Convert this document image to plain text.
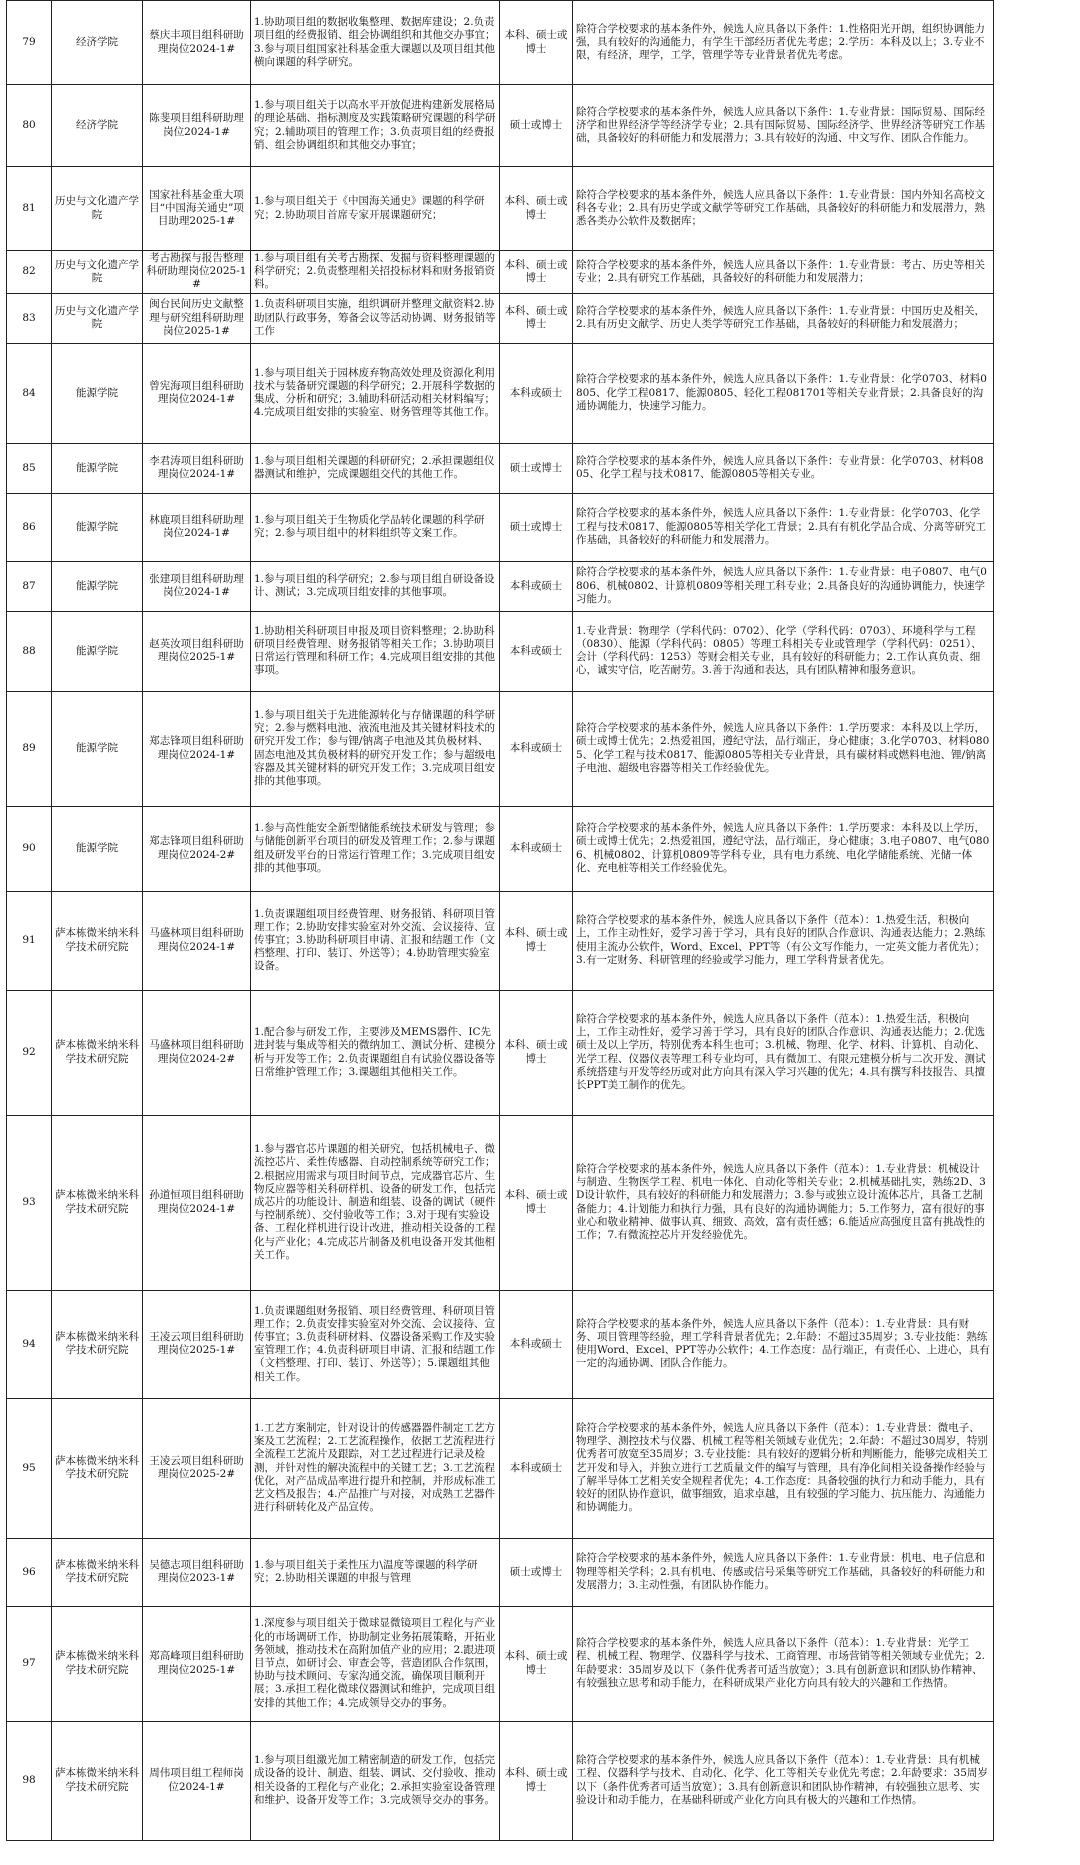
79	经济学院	蔡庆丰项目组科研助理岗位2024-1#	1.协助项目组的数据收集整理、数据库建设；2.负责项目组的经费报销、组会协调组织和其他交办事宜；3.参与项目组国家社科基金重大课题以及项目组其他横向课题的科学研究。	本科、硕士或博士	除符合学校要求的基本条件外，候选人应具备以下条件：1.性格阳光开朗，组织协调能力强，具有较好的沟通能力，有学生干部经历者优先考虑；2.学历：本科及以上；3.专业不限，有经济，理学，工学，管理学等专业背景者优先考虑。	
80	经济学院	陈斐项目组科研助理岗位2024-1#	1.参与项目组关于以高水平开放促进构建新发展格局的理论基础、指标测度及实践策略研究课题的科学研究；2.辅助项目的管理工作；3.负责项目组的经费报销、组会协调组织和其他交办事宜；	硕士或博士	除符合学校要求的基本条件外，候选人应具备以下条件：1.专业背景：国际贸易、国际经济学和世界经济学等经济学专业；2.具有国际贸易、国际经济学、世界经济等研究工作基础，具备较好的科研能力和发展潜力；3.具有较好的沟通、中文写作、团队合作能力。	
81	历史与文化遗产学院	国家社科基金重大项目“中国海关通史”项目助理2025-1#	1.参与项目组关于《中国海关通史》课题的科学研究；2.协助项目首席专家开展课题研究；	本科、硕士或博士	除符合学校要求的基本条件外，候选人应具备以下条件：1.专业背景：国内外知名高校文科各专业；2.具有历史学或文献学等研究工作基础，具备较好的科研能力和发展潜力，熟悉各类办公软件及数据库；	
82	历史与文化遗产学院	考古勘探与报告整理科研助理岗位2025-1#	1.参与项目组有关考古勘探、发掘与资料整理课题的科学研究；2.负责整理相关招投标材料和财务报销资料。	本科、硕士或博士	除符合学校要求的基本条件外，候选人应具备以下条件：1.专业背景：考古、历史等相关专业；2.具有研究工作基础，具备较好的科研能力和发展潜力；	
83	历史与文化遗产学院	闽台民间历史文献整理与研究组科研助理岗位2025-1#	1.负责科研项目实施，组织调研并整理文献资料2.协助团队行政事务，筹备会议等活动协调、财务报销等工作	本科、硕士或博士	除符合学校要求的基本条件外，候选人应具备以下条件：1.专业背景：中国历史及相关，2.具有历史文献学、历史人类学等研究工作基础，具备较好的科研能力和发展潜力；	
84	能源学院	曾宪海项目组科研助理岗位2024-1#	1.参与项目组关于园林废弃物高效处理及资源化利用技术与装备研究课题的科学研究；2.开展科学数据的集成、分析和研究；3.辅助科研活动相关材料编写；4.完成项目组安排的实验室、财务管理等其他工作。	本科或硕士	除符合学校要求的基本条件外，候选人应具备以下条件：1.专业背景：化学0703、材料0805、化学工程0817、能源0805、轻化工程081701等相关专业背景；2.具备良好的沟通协调能力，快速学习能力。	
85	能源学院	李君涛项目组科研助理岗位2024-1#	1.参与项目组相关课题的科研研究；2.承担课题组仪器测试和维护，完成课题组交代的其他工作。	硕士或博士	除符合学校要求的基本条件外，候选人应具备以下条件：专业背景：化学0703、材料0805、化学工程与技术0817、能源0805等相关专业。	
86	能源学院	林鹿项目组科研助理岗位2024-1#	1.参与项目组关于生物质化学品转化课题的科学研究；2.参与项目组中的材料组织等文案工作。	硕士或博士	除符合学校要求的基本条件外，候选人应具备以下条件：1.专业背景：化学0703、化学工程与技术0817、能源0805等相关学化工背景；2.具有有机化学品合成、分离等研究工作基础，具备较好的科研能力和发展潜力。	
87	能源学院	张建项目组科研助理岗位2024-1#	1.参与项目组的科学研究；2.参与项目组自研设备设计、测试；3.完成项目组安排的其他事项。	本科或硕士	除符合学校要求的基本条件外，候选人应具备以下条件：1.专业背景：电子0807、电气0806、机械0802、计算机0809等相关理工科专业；2.具备良好的沟通协调能力，快速学习能力。	
88	能源学院	赵英汝项目组科研助理岗位2025-1#	1.协助相关科研项目申报及项目资料整理；2.协助科研项目经费管理、财务报销等相关工作；3.协助项目日常运行管理和科研工作；4.完成项目组安排的其他事项。	本科或硕士	1.专业背景：物理学（学科代码：0702）、化学（学科代码：0703）、环境科学与工程（0830）、能源（学科代码：0805）等理工科相关专业或管理学（学科代码：0251）、会计（学科代码：1253）等财会相关专业，具有较好的科研能力；2.工作认真负责、细心，诚实守信，吃苦耐劳。3.善于沟通和表达，具有团队精神和服务意识。	
89	能源学院	郑志锋项目组科研助理岗位2024-1#	1.参与项目组关于先进能源转化与存储课题的科学研究；2.参与燃料电池、液流电池及其关键材料技术的研究开发工作；参与锂/钠离子电池及其负极材料、固态电池及其负极材料的研究开发工作；参与超级电容器及其关键材料的研究开发工作；3.完成项目组安排的其他事项。	本科或硕士	除符合学校要求的基本条件外，候选人应具备以下条件：1.学历要求：本科及以上学历，硕士或博士优先；2.热爱祖国，遵纪守法，品行端正，身心健康；3.化学0703、材料0805、化学工程与技术0817、能源0805等相关专业背景，具有碳材料或燃料电池、锂/钠离子电池、超级电容器等相关工作经验优先。	
90	能源学院	郑志锋项目组科研助理岗位2024-2#	1.参与高性能安全新型储能系统技术研发与管理；参与储能创新平台项目的研发及管理工作；2.参与课题组及研发平台的日常运行管理工作；3.完成项目组安排的其他事项。	本科或硕士	除符合学校要求的基本条件外，候选人应具备以下条件：1.学历要求：本科及以上学历，硕士或博士优先；2.热爱祖国，遵纪守法，品行端正，身心健康；3.电子0807、电气0806、机械0802、计算机0809等学科专业，具有电力系统、电化学储能系统、光储一体化、充电桩等相关工作经验优先。	
91	萨本栋微米纳米科学技术研究院	马盛林项目组科研助理岗位2024-1#	1.负责课题组项目经费管理、财务报销、科研项目管理工作；2.协助安排实验室对外交流、会议接待、宣传事宜；3.协助科研项目申请、汇报和结题工作（文档整理、打印、装订、外送等）；4.协助管理实验室设备。	本科、硕士或博士	除符合学校要求的基本条件外，候选人应具备以下条件（范本）：1.热爱生活，积极向上，工作主动性好，爱学习善于学习，具有良好的团队合作意识、沟通表达能力；2.熟练使用主流办公软件，Word、Excel、PPT等（有公文写作能力，一定英文能力者优先）；3.有一定财务、科研管理的经验或学习能力，理工学科背景者优先。	
92	萨本栋微米纳米科学技术研究院	马盛林项目组科研助理岗位2024-2#	1.配合参与研发工作，主要涉及MEMS器件、IC先进封装与集成等相关的微纳加工、测试分析、建模分析与开发等工作；2.负责课题组自有试验仪器设备等日常维护管理工作；3.课题组其他相关工作。	本科、硕士或博士	除符合学校要求的基本条件外，候选人应具备以下条件（范本）：1.热爱生活，积极向上，工作主动性好，爱学习善于学习，具有良好的团队合作意识、沟通表达能力；2.优选硕士及以上学历，特别优秀本科生也可；3.机械、物理、化学、材料、计算机、自动化、光学工程、仪器仪表等理工科专业均可，具有微加工、有限元建模分析与二次开发、测试系统搭建与开发等经历或对此方向具有深入学习兴趣的优先；4.具有撰写科技报告、具擅长PPT美工制作的优先。	
93	萨本栋微米纳米科学技术研究院	孙道恒项目组科研助理岗位2024-1#	1.参与器官芯片课题的相关研究，包括机械电子、微流控芯片、柔性传感器、自动控制系统等研究工作；2.根据应用需求与项目时间节点，完成器官芯片、生物反应器等相关科研样机、设备的研发工作，包括完成芯片的功能设计、制造和组装、设备的调试（硬件与控制系统）、交付验收等工作；3.对于现有实验设备、工程化样机进行设计改进，推动相关设备的工程化与产业化；4.完成芯片制备及机电设备开发其他相关工作。	本科、硕士或博士	除符合学校要求的基本条件外，候选人应具备以下条件（范本）：1.专业背景：机械设计与制造、生物医学工程、机电一体化、自动化等相关专业；2.机械基础扎实，熟练2D、3D设计软件，具有较好的科研能力和发展潜力；3.参与或独立设计流体芯片，具备工艺制备能力；4.计划能力和执行力强，具有良好的沟通协调能力；5.工作努力，富有很好的事业心和敬业精神、做事认真、细致、高效，富有责任感；6.能适应高强度且富有挑战性的工作；7.有微流控芯片开发经验优先。	
94	萨本栋微米纳米科学技术研究院	王凌云项目组科研助理岗位2025-1#	1.负责课题组财务报销、项目经费管理、科研项目管理工作；2.负责安排实验室对外交流、会议接待、宣传事宜；3.负责科研材料、仪器设备采购工作及实验室管理工作；4.负责科研项目申请、汇报和结题工作（文档整理、打印、装订、外送等）；5.课题组其他相关工作。	本科或硕士	除符合学校要求的基本条件外，候选人应具备以下条件（范本）：1.专业背景：具有财务、项目管理等经验，理工学科背景者优先；2.年龄：不超过35周岁；3.专业技能：熟练使用Word、Excel、PPT等办公软件；4.工作态度：品行端正，有责任心、上进心，具有一定的沟通协调、团队合作能力。	
95	萨本栋微米纳米科学技术研究院	王凌云项目组科研助理岗位2025-2#	1.工艺方案制定，针对设计的传感器器件制定工艺方案及工艺流程；2.工艺流程操作，依据工艺流程进行全流程工艺流片及跟踪，对工艺过程进行记录及检测，并针对性的解决流程中的关键工艺；3.工艺流程优化，对产品成品率进行提升和控制，并形成标准工艺文档及报告；4.产品推广与对接，对成熟工艺器件进行科研转化及产品宣传。	本科或硕士	除符合学校要求的基本条件外，候选人应具备以下条件（范本）：1.专业背景：微电子、物理学、测控技术与仪器、机械工程等相关领域专业优先；2.年龄：不超过30周岁，特别优秀者可放宽至35周岁；3.专业技能：具有较好的逻辑分析和判断能力，能够完成相关工艺开发和导入，并独立进行工艺质量文件的编写与管理，具有净化间相关设备操作经验与了解半导体工艺相关安全规程者优先；4.工作态度：具备较强的执行力和动手能力，具有较好的团队协作意识，做事细致，追求卓越，且有较强的学习能力、抗压能力、沟通能力和协调能力。	
96	萨本栋微米纳米科学技术研究院	吴德志项目组科研助理岗位2023-1#	1.参与项目组关于柔性压力\温度等课题的科学研究；2.协助相关课题的申报与管理	硕士或博士	除符合学校要求的基本条件外，候选人应具备以下条件：1.专业背景：机电、电子信息和物理等相关学科；2.具有机电、传感或信号采集等研究工作基础，具备较好的科研能力和发展潜力；3.主动性强，有团队协作能力。	
97	萨本栋微米纳米科学技术研究院	郑高峰项目组科研助理岗位2025-1#	1.深度参与项目组关于微球显微镜项目工程化与产业化的市场调研工作，协助制定业务拓展策略，开拓业务领域，推动技术在高附加值产业的应用；2.跟进项目节点，如研讨会、审查会等，营造团队合作氛围，协助与技术顾问、专家沟通交流，确保项目顺利开展；3.承担工程化微球仪器测试和维护，完成项目组安排的其他工作；4.完成领导交办的事务。	本科、硕士或博士	除符合学校要求的基本条件外，候选人应具备以下条件（范本）：1.专业背景：光学工程、机械工程、物理学、仪器科学与技术、工商管理、市场营销等相关领域专业优先；2.年龄要求：35周岁及以下（条件优秀者可适当放宽）；3.具有创新意识和团队协作精神、有较强独立思考和动手能力，在科研成果产业化方向具有较大的兴趣和工作热情。	
98	萨本栋微米纳米科学技术研究院	周伟项目组工程师岗位2024-1#	1.参与项目组激光加工精密制造的研发工作，包括完成设备的设计、制造、组装、调试、交付验收、推动相关设备的工程化与产业化；2.承担实验室设备管理和维护、设备开发等工作；3.完成领导交办的事务。	本科、硕士或博士	除符合学校要求的基本条件外，候选人应具备以下条件（范本）：1.专业背景：具有机械工程、仪器科学与技术、自动化、化学、化工等相关专业优先考虑；2.年龄要求：35周岁以下（条件优秀者可适当放宽）；3.具有创新意识和团队协作精神，有较强独立思考、实验设计和动手能力，在基础科研或产业化方向具有极大的兴趣和工作热情。	
